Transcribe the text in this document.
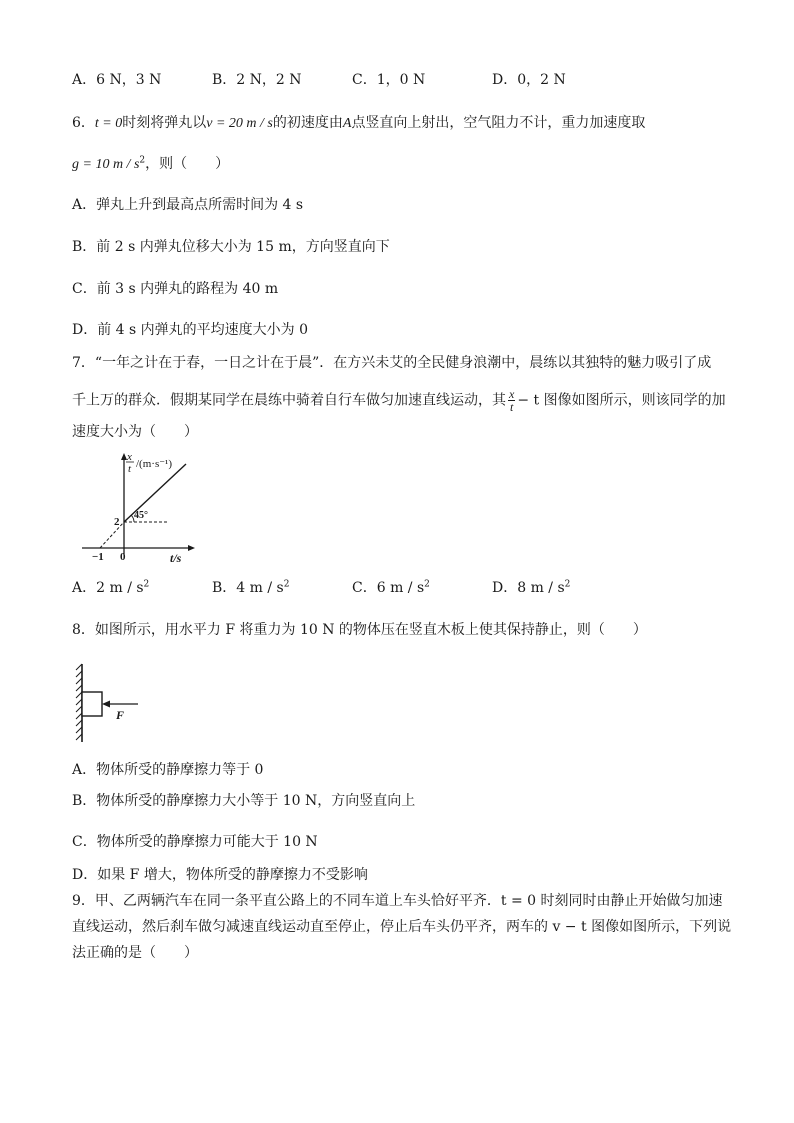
A．6 N，3 N	B．2 N，2 N	C．1，0 N	D．0，2 N
6．t = 0时刻将弹丸以v = 20 m / s的初速度由A点竖直向上射出，空气阻力不计，重力加速度取
g = 10 m / $s^2$，则（　　）
A．弹丸上升到最高点所需时间为 4 s
B．前 2 s 内弹丸位移大小为 15 m，方向竖直向下
C．前 3 s 内弹丸的路程为 40 m
D．前 4 s 内弹丸的平均速度大小为 0
7．“一年之计在于春，一日之计在于晨”．在方兴未艾的全民健身浪潮中，晨练以其独特的魅力吸引了成
千上万的群众．假期某同学在晨练中骑着自行车做匀加速直线运动，其 $\frac{x}{t} - t$ 图像如图所示，则该同学的加
速度大小为（　　）
x
t /(m·s⁻¹)
2
45°
−1 0	t/s
A．2 m / $s^2$	B．4 m / $s^2$	C．6 m / $s^2$	D．8 m / $s^2$
8．如图所示，用水平力 F 将重力为 10 N 的物体压在竖直木板上使其保持静止，则（　　）
F
A．物体所受的静摩擦力等于 0
B．物体所受的静摩擦力大小等于 10 N，方向竖直向上
C．物体所受的静摩擦力可能大于 10 N
D．如果 F 增大，物体所受的静摩擦力不受影响
9．甲、乙两辆汽车在同一条平直公路上的不同车道上车头恰好平齐．t = 0 时刻同时由静止开始做匀加速
直线运动，然后刹车做匀减速直线运动直至停止，停止后车头仍平齐，两车的 v − t 图像如图所示，下列说
法正确的是（　　）
